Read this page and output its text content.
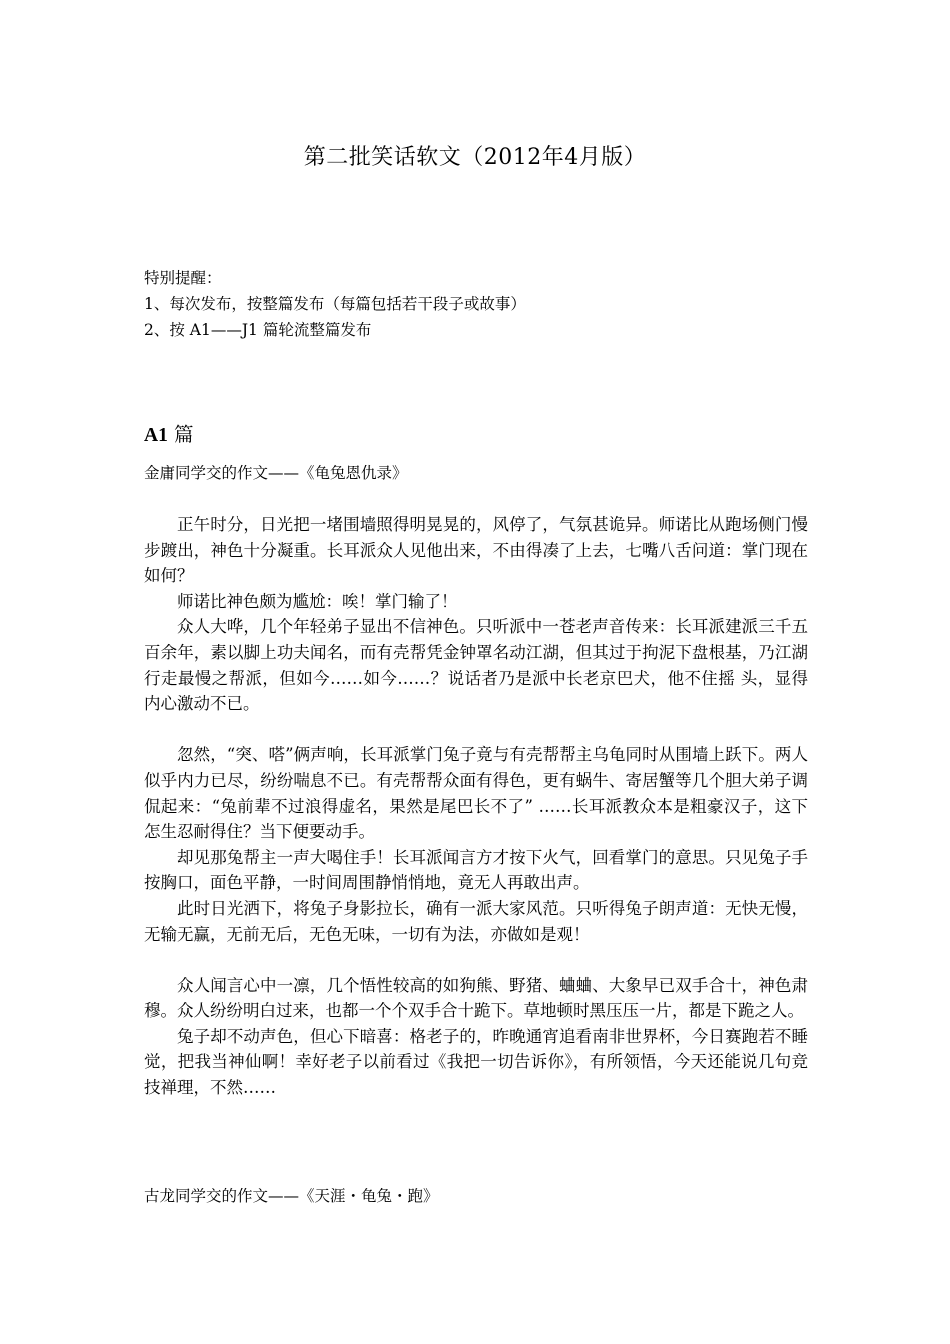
第二批笑话软文（2012年4月版）
特别提醒：
1、每次发布，按整篇发布（每篇包括若干段子或故事）
2、按 A1——J1 篇轮流整篇发布
A1 篇
金庸同学交的作文——《龟兔恩仇录》

正午时分，日光把一堵围墙照得明晃晃的，风停了，气氛甚诡异。师诺比从跑场侧门慢步踱出，神色十分凝重。长耳派众人见他出来，不由得凑了上去，七嘴八舌问道：掌门现在如何？

师诺比神色颇为尴尬：唉！掌门输了！

众人大哗，几个年轻弟子显出不信神色。只听派中一苍老声音传来：长耳派建派三千五百余年，素以脚上功夫闻名，而有壳帮凭金钟罩名动江湖，但其过于拘泥下盘根基，乃江湖行走最慢之帮派，但如今……如今……？说话者乃是派中长老京巴犬，他不住摇 头，显得内心激动不已。

忽然，“突、嗒”俩声响，长耳派掌门兔子竟与有壳帮帮主乌龟同时从围墙上跃下。两人似乎内力已尽，纷纷喘息不已。有壳帮帮众面有得色，更有蜗牛、寄居蟹等几个胆大弟子调侃起来：“兔前辈不过浪得虚名，果然是尾巴长不了” ……长耳派教众本是粗豪汉子，这下怎生忍耐得住？当下便要动手。

却见那兔帮主一声大喝住手！长耳派闻言方才按下火气，回看掌门的意思。只见兔子手按胸口，面色平静，一时间周围静悄悄地，竟无人再敢出声。

此时日光洒下，将兔子身影拉长，确有一派大家风范。只听得兔子朗声道：无快无慢，无输无赢，无前无后，无色无味，一切有为法，亦做如是观！

众人闻言心中一凛，几个悟性较高的如狗熊、野猪、蛐蛐、大象早已双手合十，神色肃穆。众人纷纷明白过来，也都一个个双手合十跪下。草地顿时黑压压一片，都是下跪之人。

兔子却不动声色，但心下暗喜：格老子的，昨晚通宵追看南非世界杯，今日赛跑若不睡觉，把我当神仙啊！幸好老子以前看过《我把一切告诉你》，有所领悟，今天还能说几句竞技禅理，不然……

古龙同学交的作文——《天涯・龟兔・跑》
